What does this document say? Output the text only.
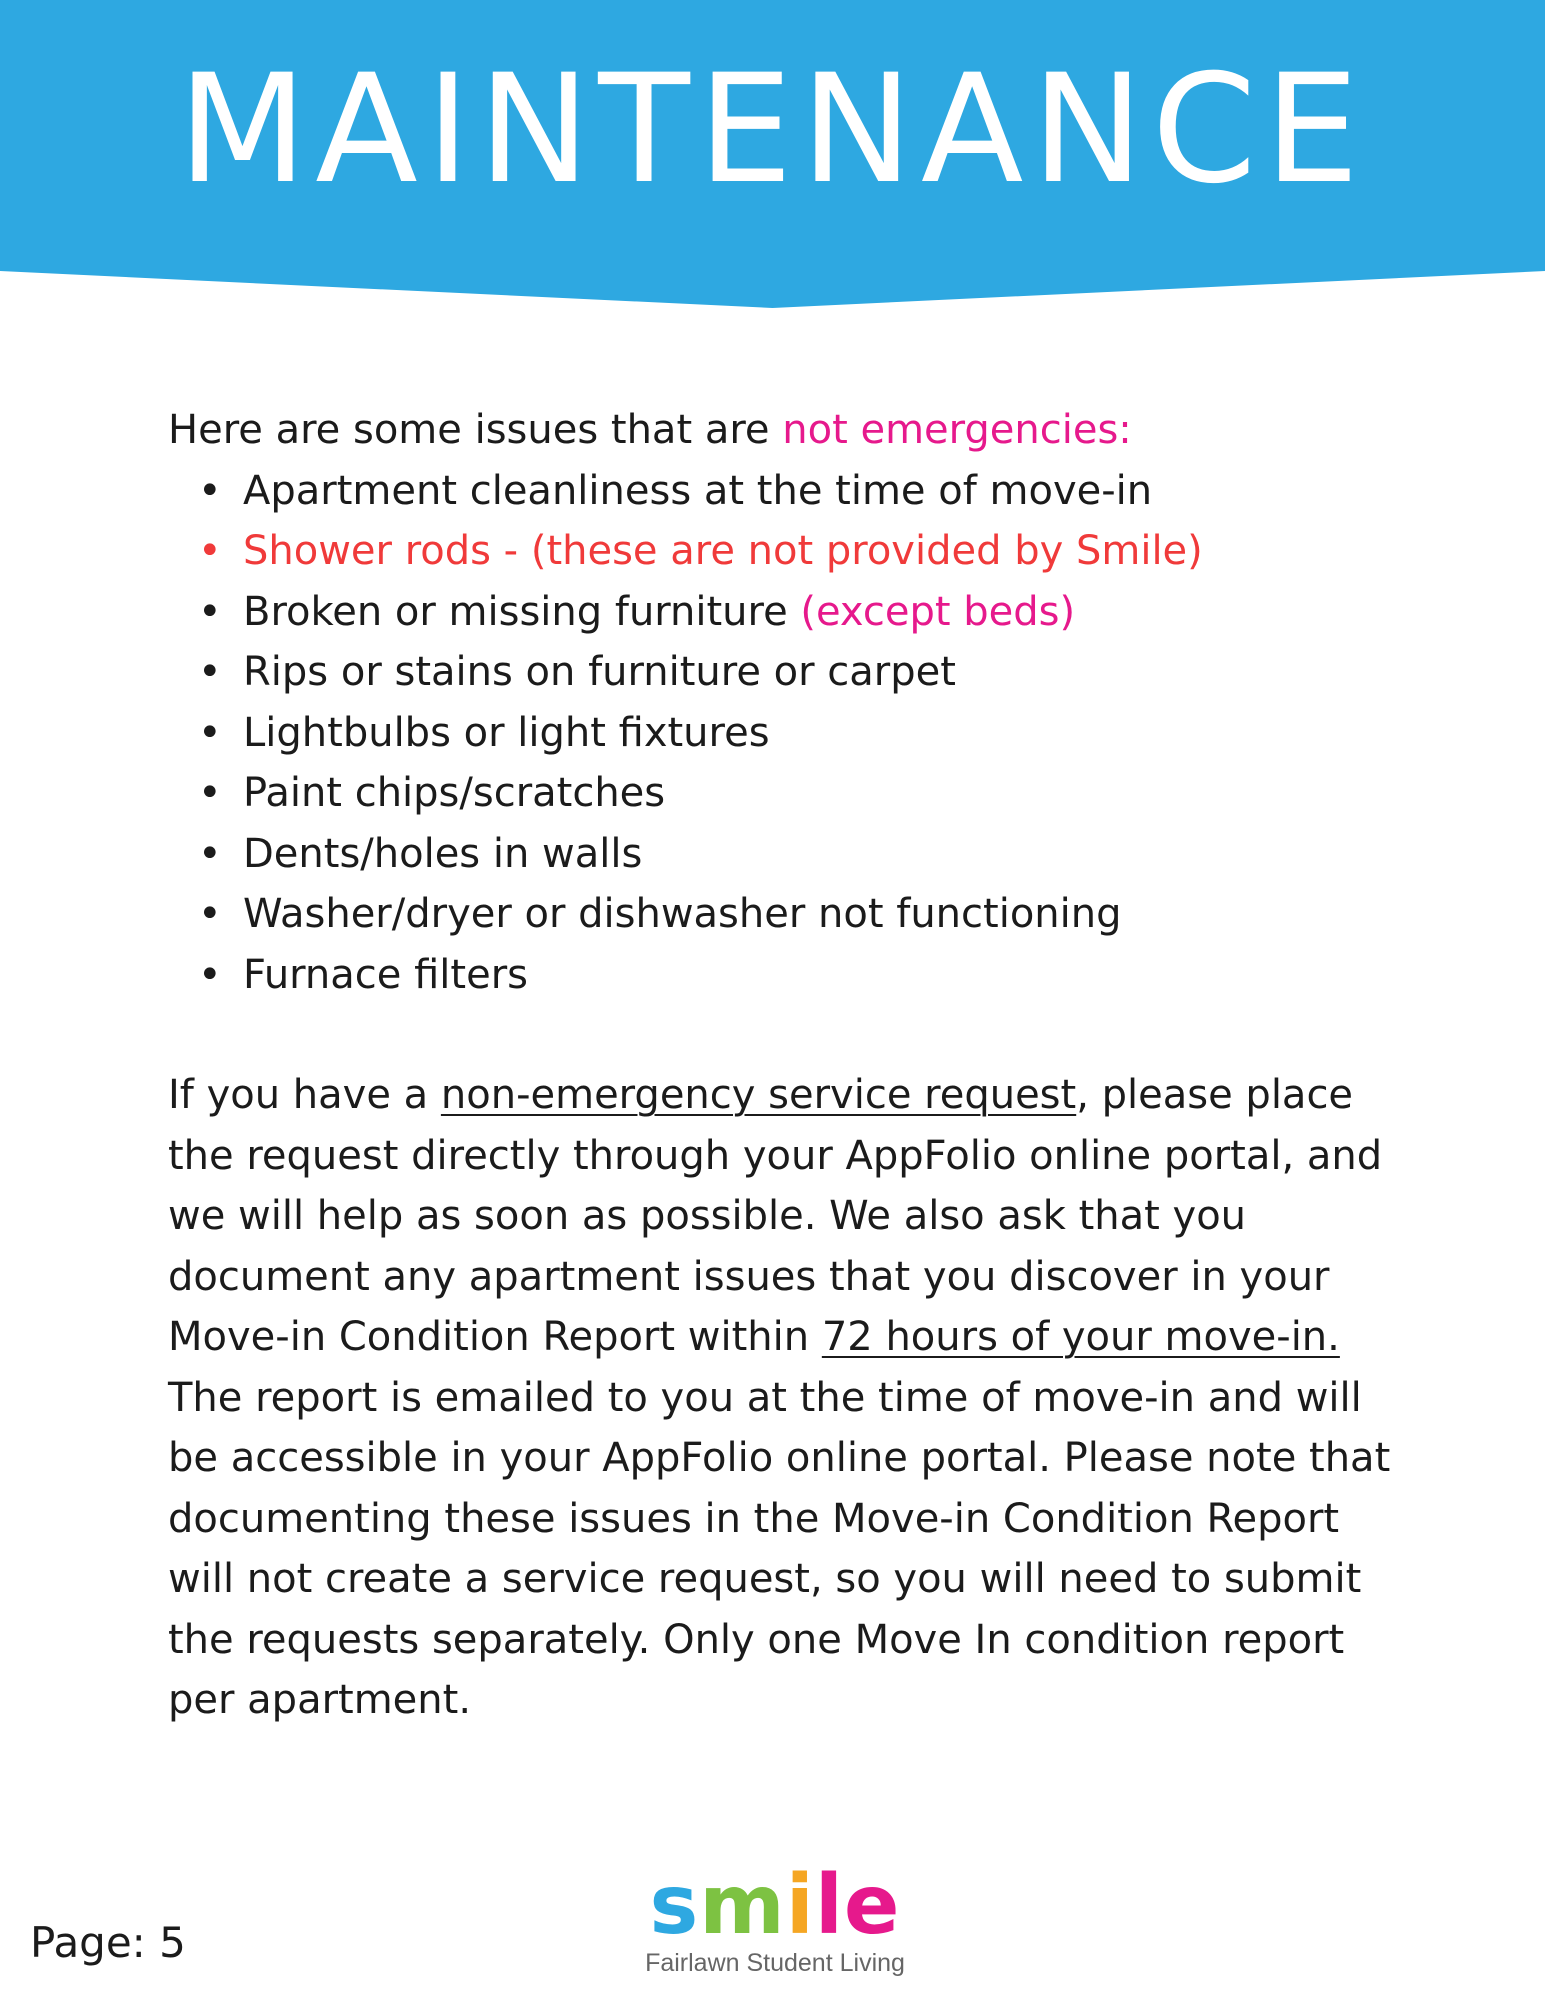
MAINTENANCE

Here are some issues that are not emergencies:

• Apartment cleanliness at the time of move-in
• Shower rods - (these are not provided by Smile)
• Broken or missing furniture (except beds)
• Rips or stains on furniture or carpet
• Lightbulbs or light fixtures
• Paint chips/scratches
• Dents/holes in walls
• Washer/dryer or dishwasher not functioning
• Furnace filters

If you have a non-emergency service request, please place the request directly through your AppFolio online portal, and we will help as soon as possible. We also ask that you document any apartment issues that you discover in your Move-in Condition Report within 72 hours of your move-in.  The report is emailed to you at the time of move-in and will be accessible in your AppFolio online portal. Please note that documenting these issues in the Move-in Condition Report will not create a service request, so you will need to submit the requests separately. Only one Move In condition report per apartment.

Page: 5	smile
Fairlawn Student Living
